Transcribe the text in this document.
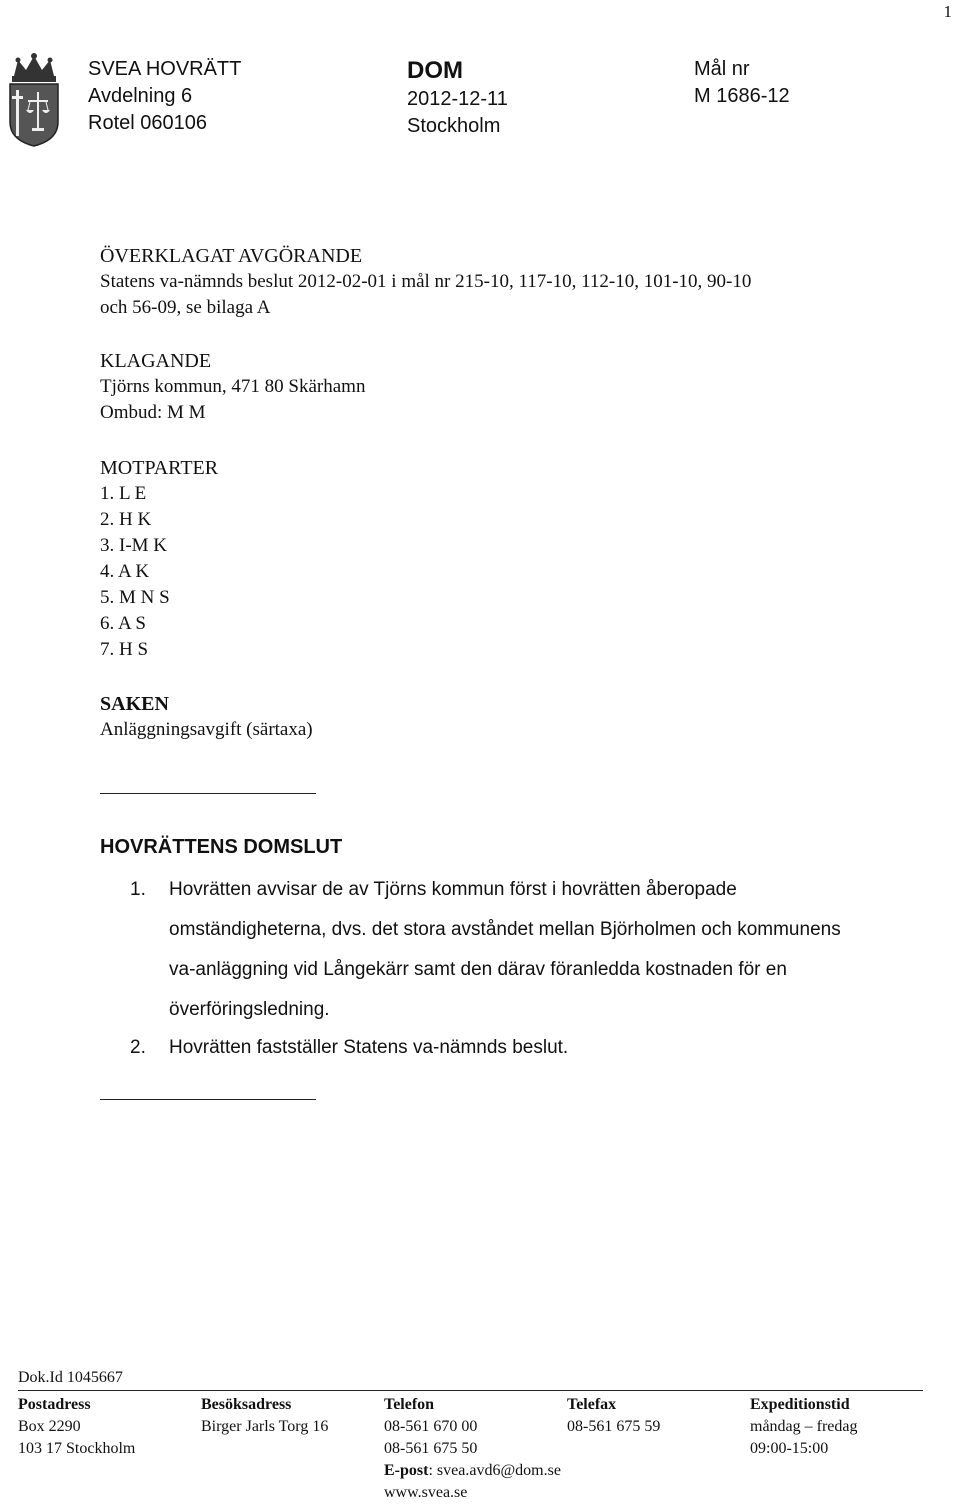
1
SVEA HOVRÄTT
Avdelning 6
Rotel 060106
DOM
2012-12-11
Stockholm
Mål nr
M 1686-12
ÖVERKLAGAT AVGÖRANDE
Statens va-nämnds beslut 2012-02-01 i mål nr 215-10, 117-10, 112-10, 101-10, 90-10
och 56-09, se bilaga A
KLAGANDE
Tjörns kommun, 471 80 Skärhamn
Ombud: M M
MOTPARTER
1. L E
2. H K
3. I-M K
4. A K
5. M N S
6. A S
7. H S
SAKEN
Anläggningsavgift (särtaxa)
HOVRÄTTENS DOMSLUT
1. Hovrätten avvisar de av Tjörns kommun först i hovrätten åberopade
omständigheterna, dvs. det stora avståndet mellan Björholmen och kommunens
va-anläggning vid Långekärr samt den därav föranledda kostnaden för en
överföringsledning.
2. Hovrätten fastställer Statens va-nämnds beslut.
Dok.Id 1045667
Postadress
Box 2290
103 17 Stockholm
Besöksadress
Birger Jarls Torg 16
Telefon
08-561 670 00
08-561 675 50
E-post: svea.avd6@dom.se
www.svea.se
Telefax
08-561 675 59
Expeditionstid
måndag – fredag
09:00-15:00
